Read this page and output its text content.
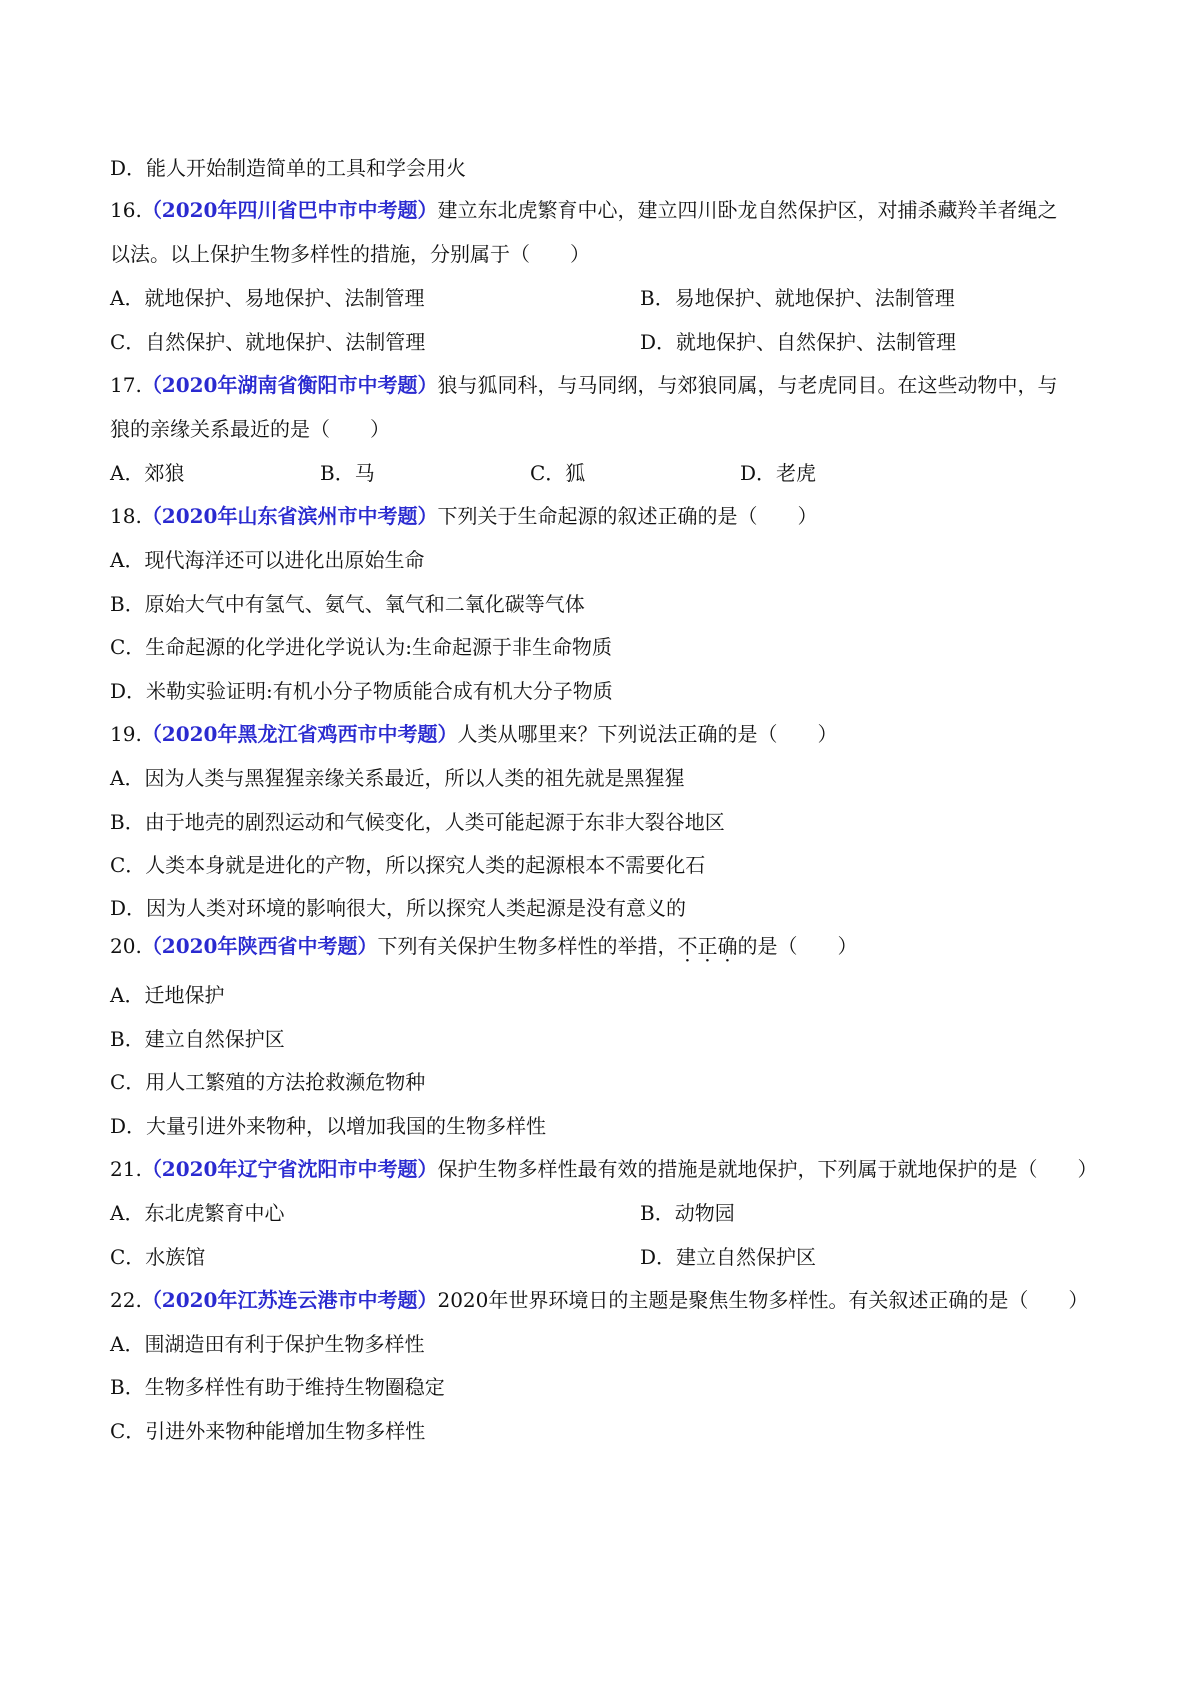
D．能人开始制造简单的工具和学会用火
16.（2020年四川省巴中市中考题）建立东北虎繁育中心，建立四川卧龙自然保护区，对捕杀藏羚羊者绳之
以法。以上保护生物多样性的措施，分别属于（　　）
A．就地保护、易地保护、法制管理	B．易地保护、就地保护、法制管理
C．自然保护、就地保护、法制管理	D．就地保护、自然保护、法制管理
17.（2020年湖南省衡阳市中考题）狼与狐同科，与马同纲，与郊狼同属，与老虎同目。在这些动物中，与
狼的亲缘关系最近的是（　　）
A．郊狼	B．马	C．狐	D．老虎
18.（2020年山东省滨州市中考题）下列关于生命起源的叙述正确的是（　　）
A．现代海洋还可以进化出原始生命
B．原始大气中有氢气、氨气、氧气和二氧化碳等气体
C．生命起源的化学进化学说认为:生命起源于非生命物质
D．米勒实验证明:有机小分子物质能合成有机大分子物质
19.（2020年黑龙江省鸡西市中考题）人类从哪里来？下列说法正确的是（　　）
A．因为人类与黑猩猩亲缘关系最近，所以人类的祖先就是黑猩猩
B．由于地壳的剧烈运动和气候变化，人类可能起源于东非大裂谷地区
C．人类本身就是进化的产物，所以探究人类的起源根本不需要化石
D．因为人类对环境的影响很大，所以探究人类起源是没有意义的
20.（2020年陕西省中考题）下列有关保护生物多样性的举措，不正确的是（　　）
A．迁地保护
B．建立自然保护区
C．用人工繁殖的方法抢救濒危物种
D．大量引进外来物种，以增加我国的生物多样性
21.（2020年辽宁省沈阳市中考题）保护生物多样性最有效的措施是就地保护，下列属于就地保护的是（　　）
A．东北虎繁育中心	B．动物园
C．水族馆	D．建立自然保护区
22.（2020年江苏连云港市中考题）2020年世界环境日的主题是聚焦生物多样性。有关叙述正确的是（　　）
A．围湖造田有利于保护生物多样性
B．生物多样性有助于维持生物圈稳定
C．引进外来物种能增加生物多样性
